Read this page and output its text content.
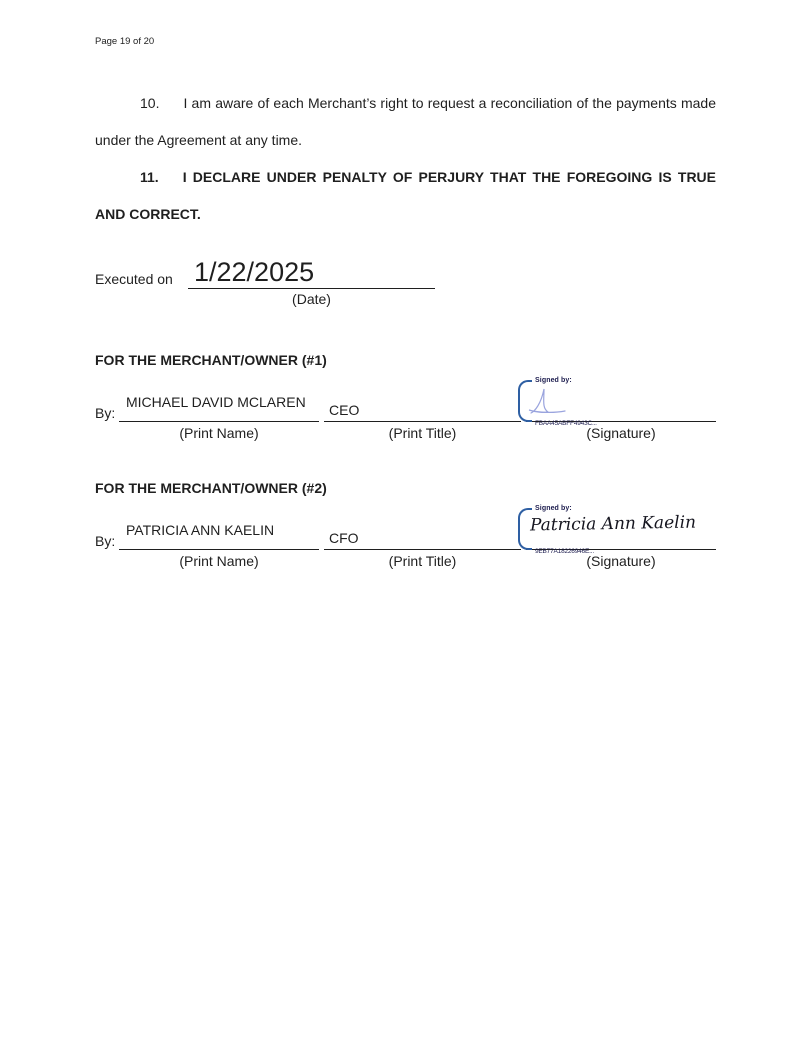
Page 19 of 20

10. I am aware of each Merchant’s right to request a reconciliation of the payments made under the Agreement at any time.

11. I DECLARE UNDER PENALTY OF PERJURY THAT THE FOREGOING IS TRUE AND CORRECT.

Executed on 1/22/2025
(Date)
FOR THE MERCHANT/OWNER (#1)
By:
MICHAEL DAVID MCLAREN	CEO
Signed by:
FBAA45ABFF4943C...
(Print Name)	(Print Title)	(Signature)
FOR THE MERCHANT/OWNER (#2)
By:
PATRICIA ANN KAELIN	CFO
Signed by:
Patricia Ann Kaelin
9EB77A18226946E...
(Print Name)	(Print Title)	(Signature)
